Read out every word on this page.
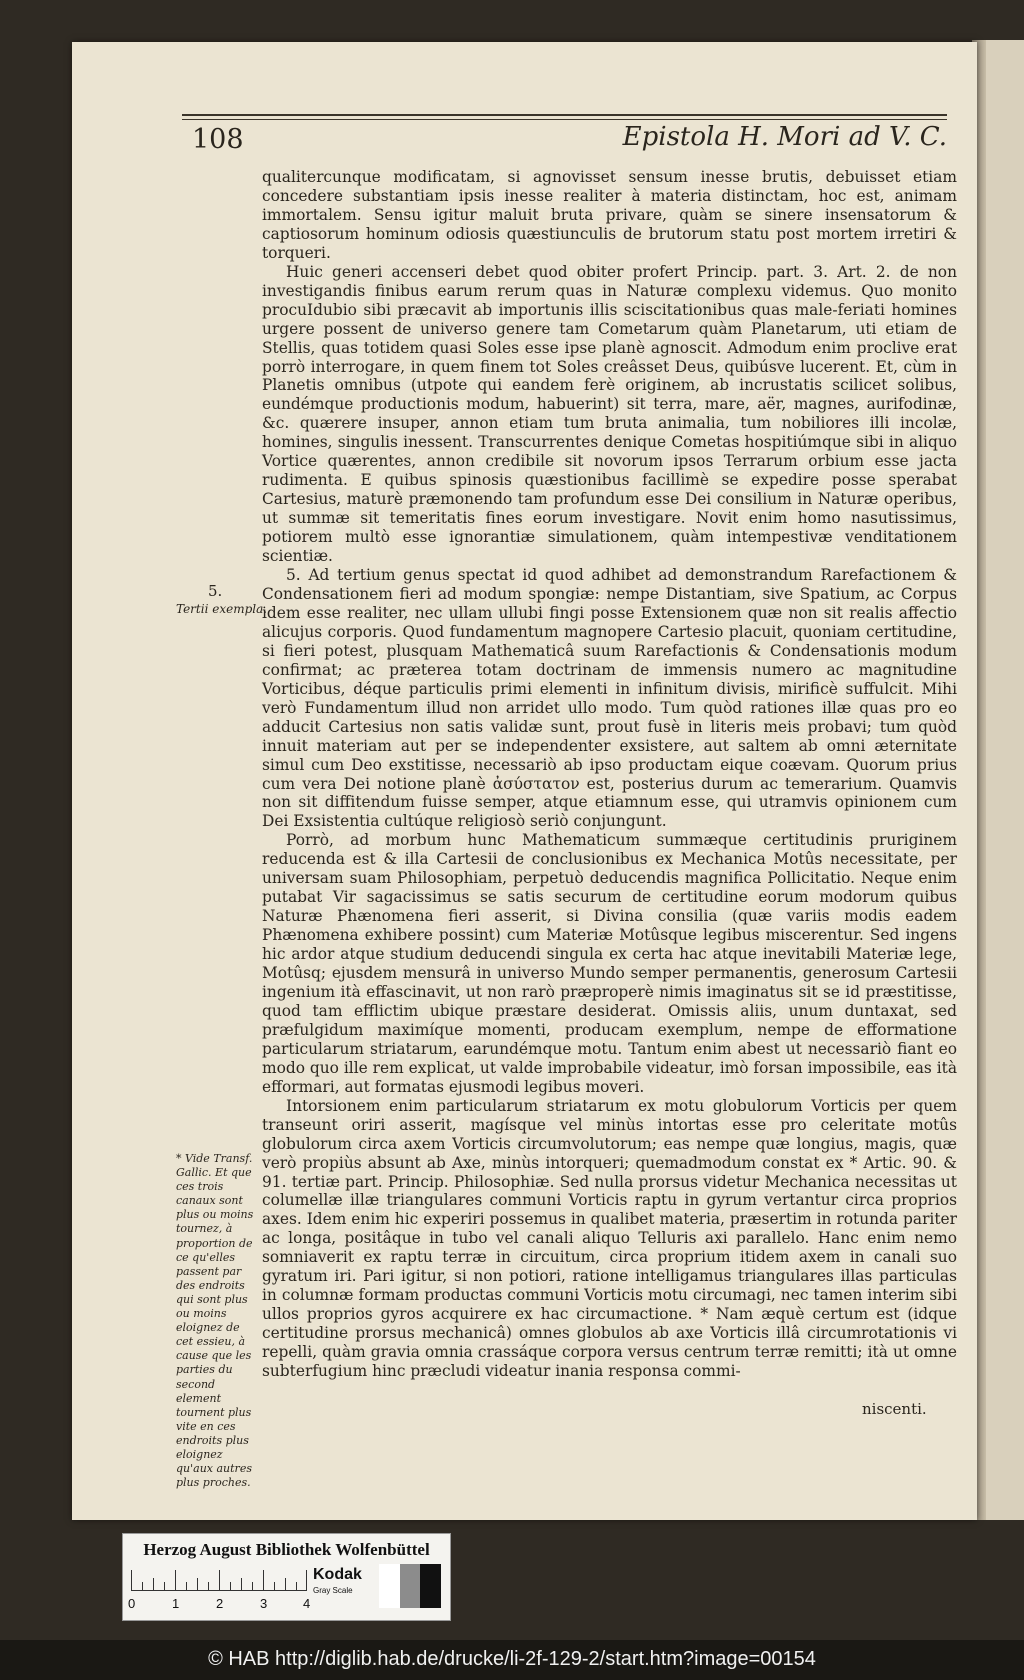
108	Epistola H. Mori ad V. C.

qualitercunque modificatam, si agnovisset sensum inesse brutis, debuisset etiam concedere substantiam ipsis inesse realiter à materia distinctam, hoc est, animam immortalem. Sensu igitur maluit bruta privare, quàm se sinere insensatorum & captiosorum hominum odiosis quæstiunculis de brutorum statu post mortem irretiri & torqueri.

Huic generi accenseri debet quod obiter profert Princip. part. 3. Art. 2. de non investigandis finibus earum rerum quas in Naturæ complexu videmus. Quo monito procuIdubio sibi præcavit ab importunis illis sciscitationibus quas male-feriati homines urgere possent de universo genere tam Cometarum quàm Planetarum, uti etiam de Stellis, quas totidem quasi Soles esse ipse planè agnoscit. Admodum enim proclive erat porrò interrogare, in quem finem tot Soles creâsset Deus, quibúsve lucerent. Et, cùm in Planetis omnibus (utpote qui eandem ferè originem, ab incrustatis scilicet solibus, eundémque productionis modum, habuerint) sit terra, mare, aër, magnes, aurifodinæ, &c. quærere insuper, annon etiam tum bruta animalia, tum nobiliores illi incolæ, homines, singulis inessent. Transcurrentes denique Cometas hospitiúmque sibi in aliquo Vortice quærentes, annon credibile sit novorum ipsos Terrarum orbium esse jacta rudimenta. E quibus spinosis quæstionibus facillimè se expedire posse sperabat Cartesius, maturè præmonendo tam profundum esse Dei consilium in Naturæ operibus, ut summæ sit temeritatis fines eorum investigare. Novit enim homo nasutissimus, potiorem multò esse ignorantiæ simulationem, quàm intempestivæ venditationem scientiæ.

5. Ad tertium genus spectat id quod adhibet ad demonstrandum Rarefactionem & Condensationem fieri ad modum spongiæ: nempe Distantiam, sive Spatium, ac Corpus idem esse realiter, nec ullam ullubi fingi posse Extensionem quæ non sit realis affectio alicujus corporis. Quod fundamentum magnopere Cartesio placuit, quoniam certitudine, si fieri potest, plusquam Mathematicâ suum Rarefactionis & Condensationis modum confirmat; ac præterea totam doctrinam de immensis numero ac magnitudine Vorticibus, déque particulis primi elementi in infinitum divisis, mirificè suffulcit. Mihi verò Fundamentum illud non arridet ullo modo. Tum quòd rationes illæ quas pro eo adducit Cartesius non satis validæ sunt, prout fusè in literis meis probavi; tum quòd innuit materiam aut per se independenter exsistere, aut saltem ab omni æternitate simul cum Deo exstitisse, necessariò ab ipso productam eique coævam. Quorum prius cum vera Dei notione planè ἀσύστατον est, posterius durum ac temerarium. Quamvis non sit diffitendum fuisse semper, atque etiamnum esse, qui utramvis opinionem cum Dei Exsistentia cultúque religiosò seriò conjungunt.

Porrò, ad morbum hunc Mathematicum summæque certitudinis pruriginem reducenda est & illa Cartesii de conclusionibus ex Mechanica Motûs necessitate, per universam suam Philosophiam, perpetuò deducendis magnifica Pollicitatio. Neque enim putabat Vir sagacissimus se satis securum de certitudine eorum modorum quibus Naturæ Phænomena fieri asserit, si Divina consilia (quæ variis modis eadem Phænomena exhibere possint) cum Materiæ Motûsque legibus miscerentur. Sed ingens hic ardor atque studium deducendi singula ex certa hac atque inevitabili Materiæ lege, Motûsq; ejusdem mensurâ in universo Mundo semper permanentis, generosum Cartesii ingenium ità effascinavit, ut non rarò præproperè nimis imaginatus sit se id præstitisse, quod tam efflictim ubique præstare desiderat. Omissis aliis, unum duntaxat, sed præfulgidum maximíque momenti, producam exemplum, nempe de efformatione particularum striatarum, earundémque motu. Tantum enim abest ut necessariò fiant eo modo quo ille rem explicat, ut valde improbabile videatur, imò forsan impossibile, eas ità efformari, aut formatas ejusmodi legibus moveri.

Intorsionem enim particularum striatarum ex motu globulorum Vorticis per quem transeunt oriri asserit, magísque vel minùs intortas esse pro celeritate motûs globulorum circa axem Vorticis circumvolutorum; eas nempe quæ longius, magis, quæ verò propiùs absunt ab Axe, minùs intorqueri; quemadmodum constat ex * Artic. 90. & 91. tertiæ part. Princip. Philosophiæ. Sed nulla prorsus videtur Mechanica necessitas ut columellæ illæ triangulares communi Vorticis raptu in gyrum vertantur circa proprios axes. Idem enim hic experiri possemus in qualibet materia, præsertim in rotunda pariter ac longa, positâque in tubo vel canali aliquo Telluris axi parallelo. Hanc enim nemo somniaverit ex raptu terræ in circuitum, circa proprium itidem axem in canali suo gyratum iri. Pari igitur, si non potiori, ratione intelligamus triangulares illas particulas in columnæ formam productas communi Vorticis motu circumagi, nec tamen interim sibi ullos proprios gyros acquirere ex hac circumactione. * Nam æquè certum est (idque certitudine prorsus mechanicâ) omnes globulos ab axe Vorticis illâ circumrotationis vi repelli, quàm gravia omnia crassáque corpora versus centrum terræ remitti; ità ut omne subterfugium hinc præcludi videatur inania responsa commi-

5.
Tertii exempla.

* Vide Transf. Gallic. Et que ces trois canaux sont plus ou moins tournez, à proportion de ce qu'elles passent par des endroits qui sont plus ou moins eloignez de cet essieu, à cause que les parties du second element tournent plus vite en ces endroits plus eloignez qu'aux autres plus proches.

niscenti.
Herzog August Bibliothek Wolfenbüttel
0	1	2	3	4
Kodak
Gray Scale
© HAB http://diglib.hab.de/drucke/li-2f-129-2/start.htm?image=00154
